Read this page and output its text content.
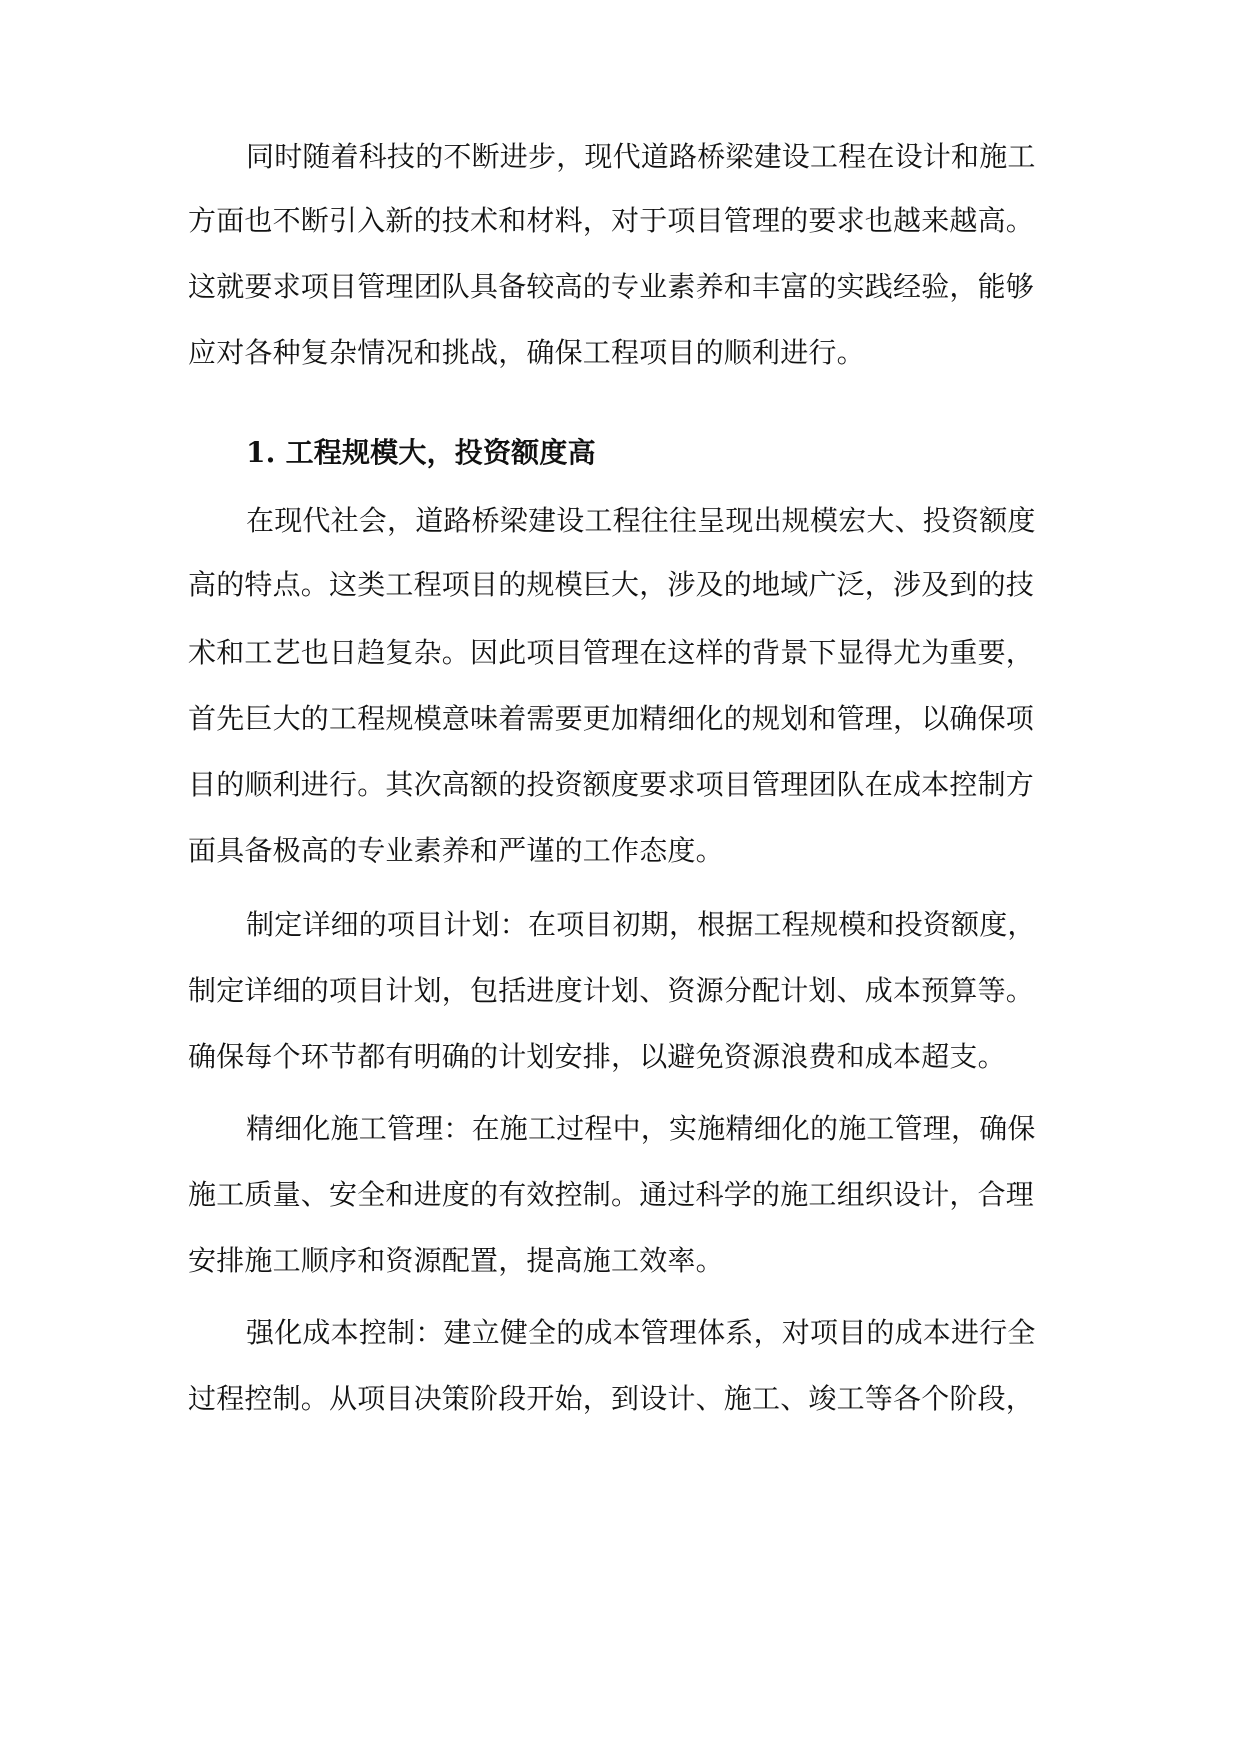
同时随着科技的不断进步，现代道路桥梁建设工程在设计和施工
方面也不断引入新的技术和材料，对于项目管理的要求也越来越高。
这就要求项目管理团队具备较高的专业素养和丰富的实践经验，能够
应对各种复杂情况和挑战，确保工程项目的顺利进行。
1. 工程规模大，投资额度高
在现代社会，道路桥梁建设工程往往呈现出规模宏大、投资额度
高的特点。这类工程项目的规模巨大，涉及的地域广泛，涉及到的技
术和工艺也日趋复杂。因此项目管理在这样的背景下显得尤为重要，
首先巨大的工程规模意味着需要更加精细化的规划和管理，以确保项
目的顺利进行。其次高额的投资额度要求项目管理团队在成本控制方
面具备极高的专业素养和严谨的工作态度。
制定详细的项目计划：在项目初期，根据工程规模和投资额度，
制定详细的项目计划，包括进度计划、资源分配计划、成本预算等。
确保每个环节都有明确的计划安排，以避免资源浪费和成本超支。
精细化施工管理：在施工过程中，实施精细化的施工管理，确保
施工质量、安全和进度的有效控制。通过科学的施工组织设计，合理
安排施工顺序和资源配置，提高施工效率。
强化成本控制：建立健全的成本管理体系，对项目的成本进行全
过程控制。从项目决策阶段开始，到设计、施工、竣工等各个阶段，
